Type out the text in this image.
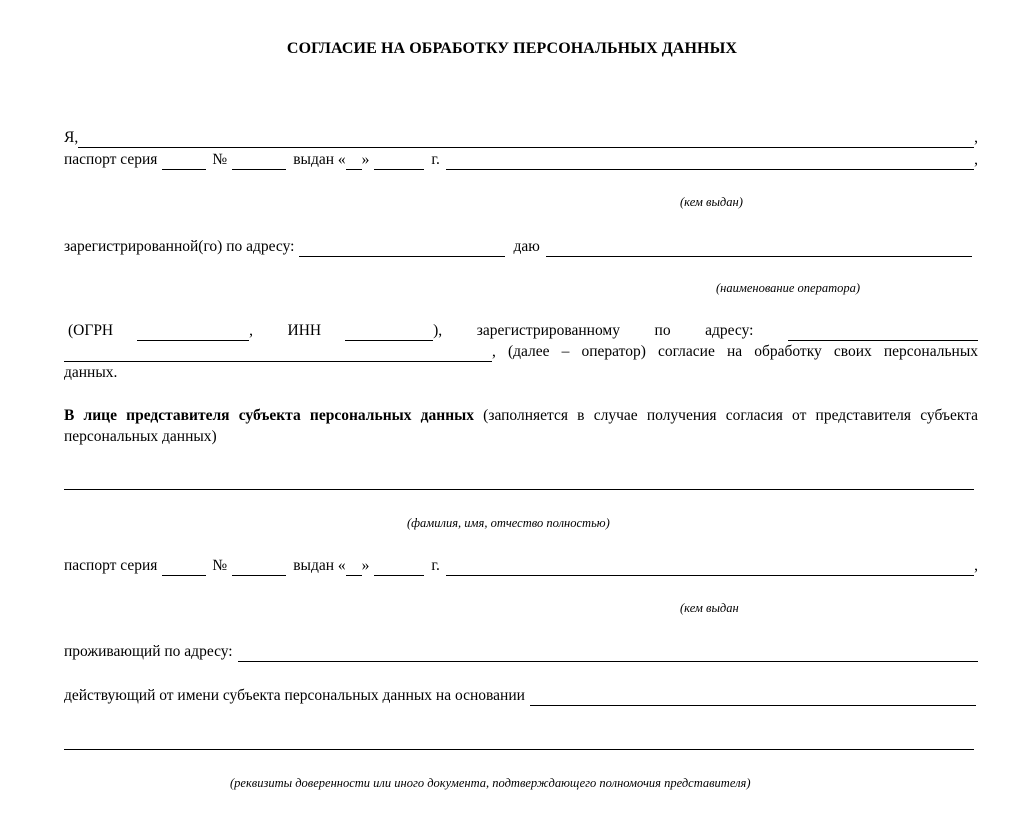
СОГЛАСИЕ НА ОБРАБОТКУ ПЕРСОНАЛЬНЫХ ДАННЫХ
Я,	,
паспорт серия	№	выдан « »	г.	,
(кем выдан)
зарегистрированной(го) по адресу:	даю
(наименование оператора)
(ОГРН	, ИНН	), зарегистрированному по адресу:
, (далее – оператор) согласие на обработку своих персональных
данных.
В лице представителя субъекта персональных данных (заполняется в случае получения согласия от представителя субъекта персональных данных)
(фамилия, имя, отчество полностью)
паспорт серия	№	выдан « »	г.	,
(кем выдан
проживающий по адресу:
действующий от имени субъекта персональных данных на основании
(реквизиты доверенности или иного документа, подтверждающего полномочия представителя)
